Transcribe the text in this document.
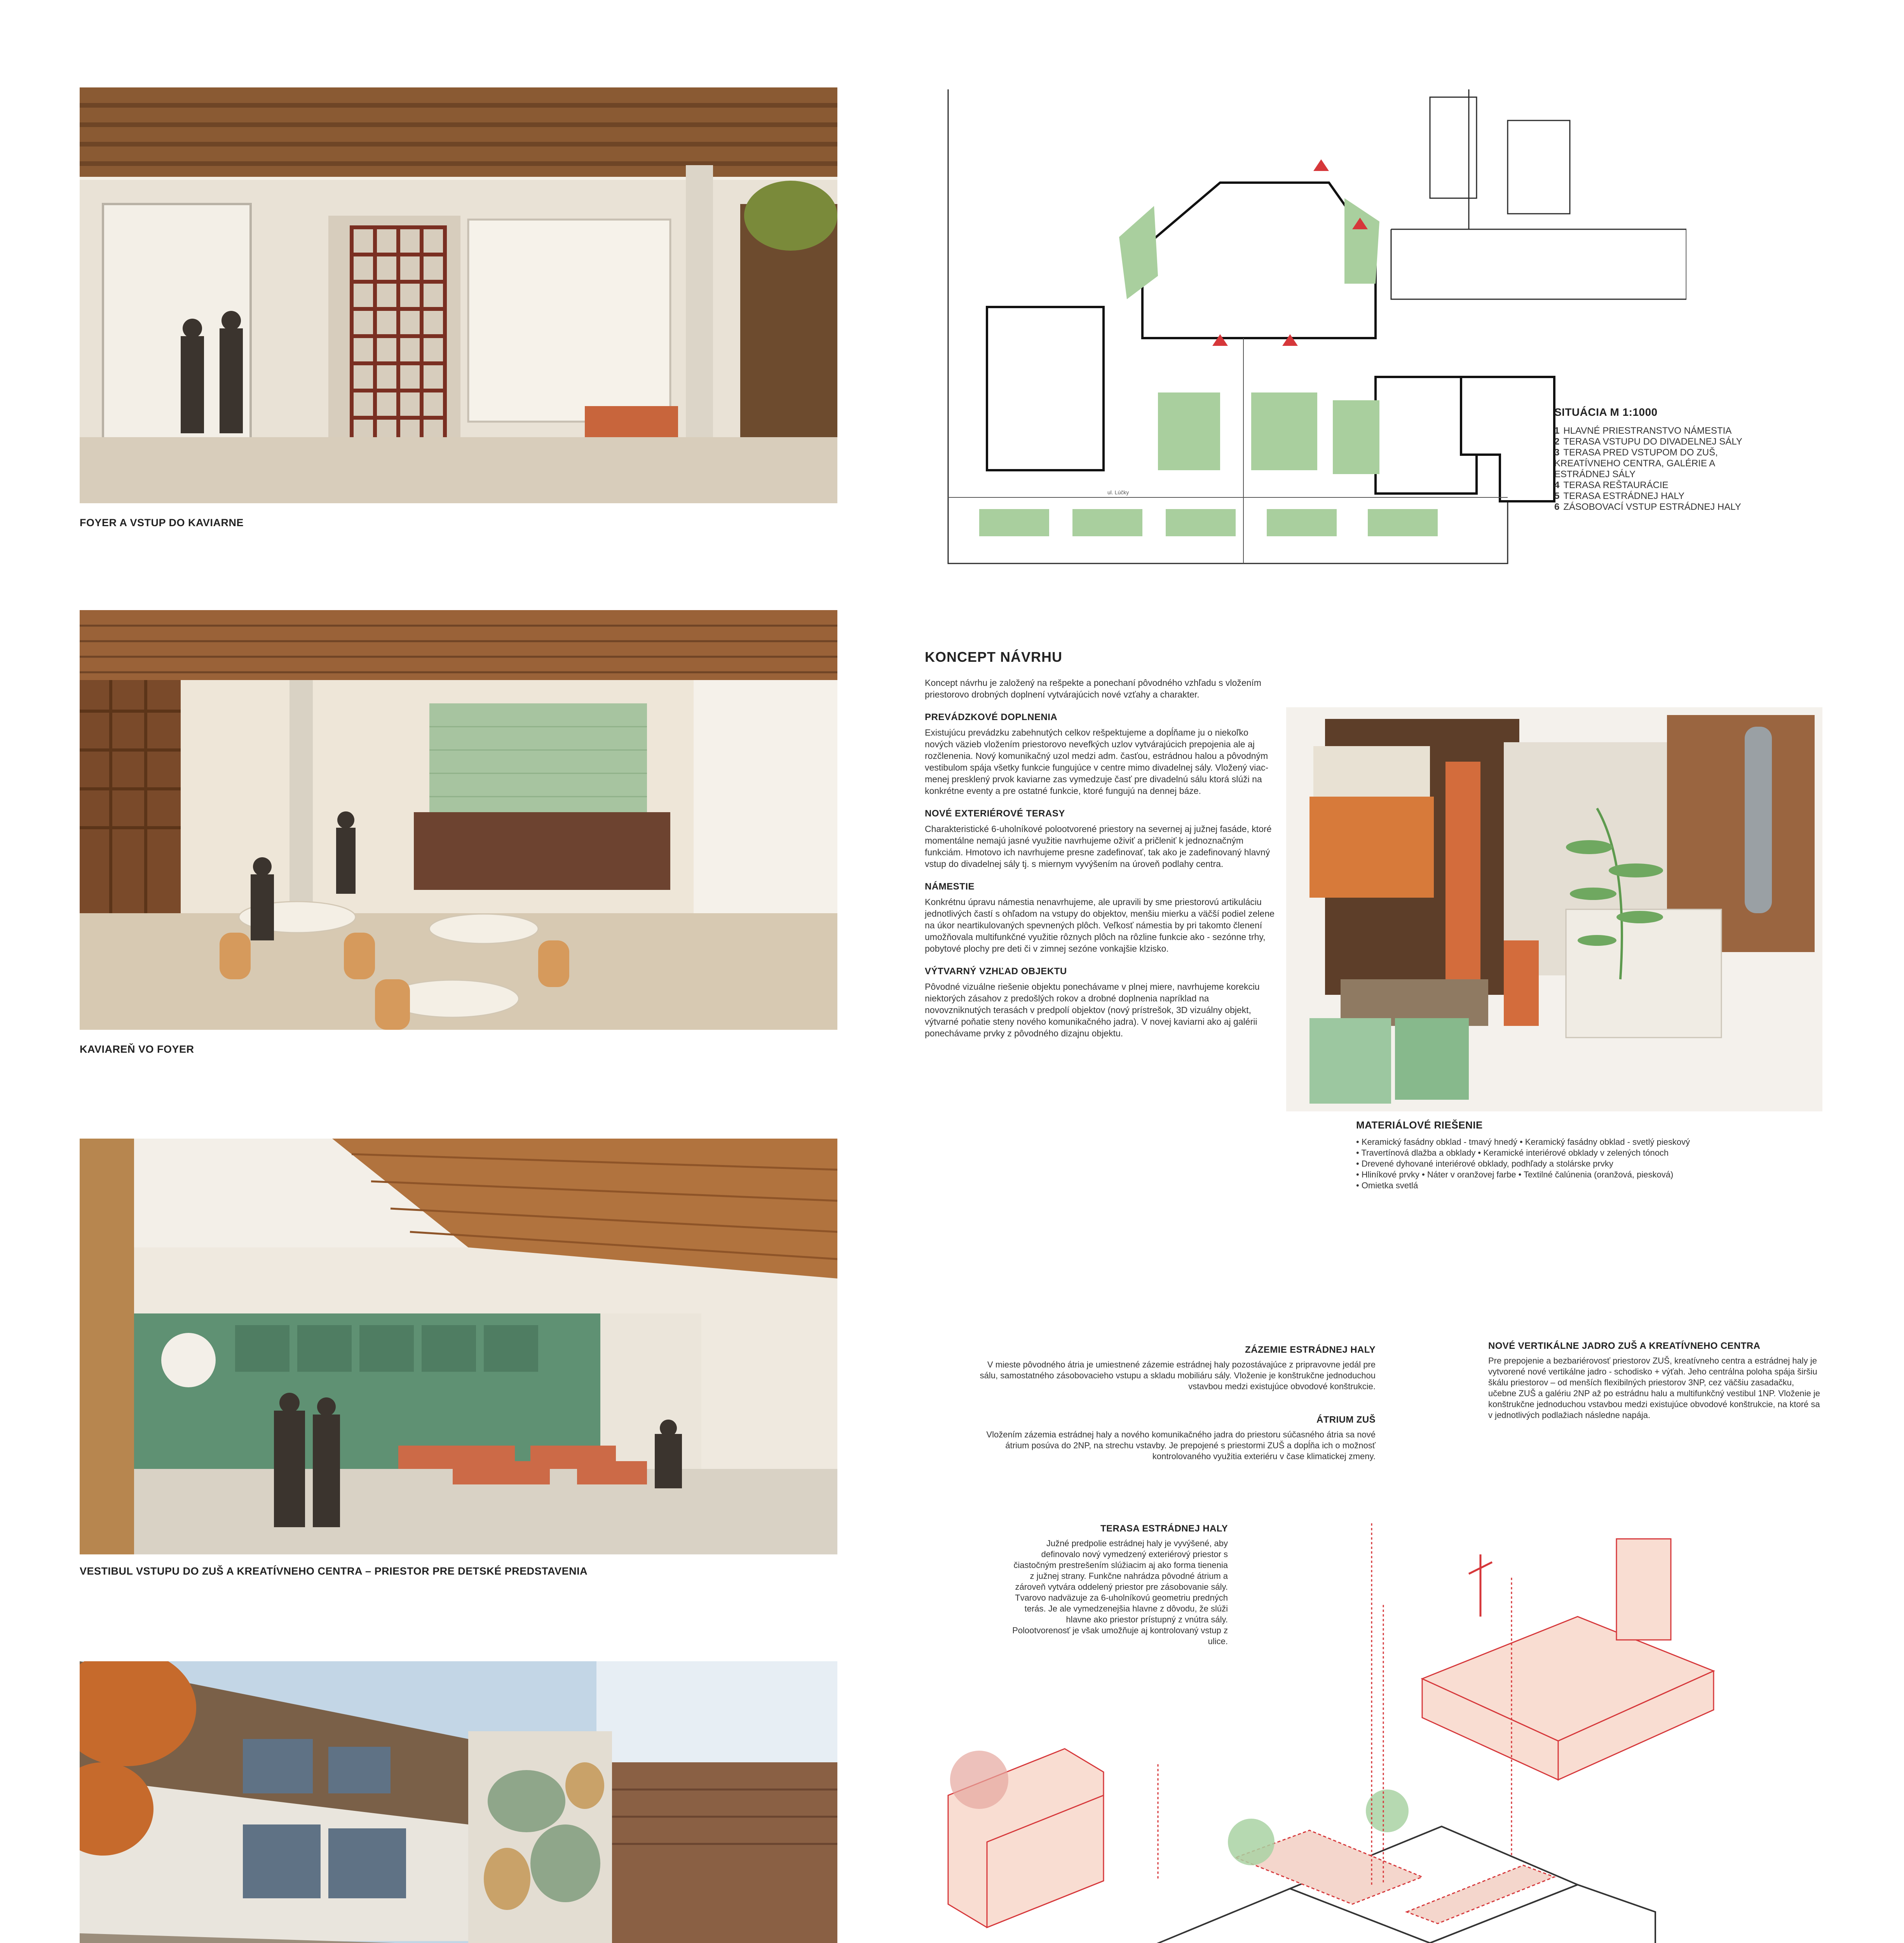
FOYER A VSTUP DO KAVIARNE
KAVIAREŇ VO FOYER
VESTIBUL VSTUPU DO ZUŠ A KREATÍVNEHO CENTRA – PRIESTOR PRE DETSKÉ PREDSTAVENIA
ul. Lúčky
SITUÁCIA M 1:1000
1 HLAVNÉ PRIESTRANSTVO NÁMESTIA
2 TERASA VSTUPU DO DIVADELNEJ SÁLY
3 TERASA PRED VSTUPOM DO ZUŠ, KREATÍVNEHO CENTRA, GALÉRIE A ESTRÁDNEJ SÁLY
4 TERASA REŠTAURÁCIE
5 TERASA ESTRÁDNEJ HALY
6 ZÁSOBOVACÍ VSTUP ESTRÁDNEJ HALY
KONCEPT NÁVRHU
Koncept návrhu je založený na rešpekte a ponechaní pôvodného vzhľadu s vložením priestorovo drobných doplnení vytvárajúcich nové vzťahy a charakter.
PREVÁDZKOVÉ DOPLNENIA
Existujúcu prevádzku zabehnutých celkov rešpektujeme a dopĺňame ju o niekoľko nových väzieb vložením priestorovo nevefkých uzlov vytvárajúcich prepojenia ale aj rozčlenenia. Nový komunikačný uzol medzi adm. časťou, estrádnou halou a pôvodným vestibulom spája všetky funkcie fungujúce v centre mimo divadelnej sály. Vložený viac-menej presklený prvok kaviarne zas vymedzuje časť pre divadelnú sálu ktorá slúži na konkrétne eventy a pre ostatné funkcie, ktoré fungujú na dennej báze.
NOVÉ EXTERIÉROVÉ TERASY
Charakteristické 6-uholníkové polootvorené priestory na severnej aj južnej fasáde, ktoré momentálne nemajú jasné využitie navrhujeme oživiť a pričleniť k jednoznačným funkciám. Hmotovo ich navrhujeme presne zadefinovať, tak ako je zadefinovaný hlavný vstup do divadelnej sály tj. s miernym vyvýšením na úroveň podlahy centra.
NÁMESTIE
Konkrétnu úpravu námestia nenavrhujeme, ale upravili by sme priestorovú artikuláciu jednotlivých častí s ohľadom na vstupy do objektov, menšiu mierku a väčší podiel zelene na úkor neartikulovaných spevnených plôch. Veľkosť námestia by pri takomto členení umožňovala multifunkčné využitie rôznych plôch na rôzline funkcie ako - sezónne trhy, pobytové plochy pre deti či v zimnej sezóne vonkajšie klzisko.
VÝTVARNÝ VZHĽAD OBJEKTU
Pôvodné vizuálne riešenie objektu ponechávame v plnej miere, navrhujeme korekciu niektorých zásahov z predošlých rokov a drobné doplnenia napríklad na novovzniknutých terasách v predpolí objektov (nový prístrešok, 3D vizuálny objekt, výtvarné poňatie steny nového komunikačného jadra). V novej kaviarni ako aj galérii ponechávame prvky z pôvodného dizajnu objektu.
MATERIÁLOVÉ RIEŠENIE
• Keramický fasádny obklad - tmavý hnedý • Keramický fasádny obklad - svetlý pieskový
• Travertínová dlažba a obklady • Keramické interiérové obklady v zelených tónoch
• Drevené dyhované interiérové obklady, podhľady a stolárske prvky
• Hliníkové prvky • Náter v oranžovej farbe • Textilné čalúnenia (oranžová, piesková)
• Omietka svetlá
ZÁZEMIE ESTRÁDNEJ HALY
V mieste pôvodného átria je umiestnené zázemie estrádnej haly pozostávajúce z pripravovne jedál pre sálu, samostatného zásobovacieho vstupu a skladu mobiliáru sály. Vloženie je konštrukčne jednoduchou vstavbou medzi existujúce obvodové konštrukcie.
ÁTRIUM ZUŠ
Vložením zázemia estrádnej haly a nového komunikačného jadra do priestoru súčasného átria sa nové átrium posúva do 2NP, na strechu vstavby. Je prepojené s priestormi ZUŠ a dopĺňa ich o možnosť kontrolovaného využitia exteriéru v čase klimatickej zmeny.
TERASA ESTRÁDNEJ HALY
Južné predpolie estrádnej haly je vyvýšené, aby definovalo nový vymedzený exteriérový priestor s čiastočným prestrešením slúžiacim aj ako forma tienenia z južnej strany. Funkčne nahrádza pôvodné átrium a zároveň vytvára oddelený priestor pre zásobovanie sály. Tvarovo nadväzuje za 6-uholníkovú geometriu predných terás. Je ale vymedzenejšia hlavne z dôvodu, že slúži hlavne ako priestor prístupný z vnútra sály. Polootvorenosť je však umožňuje aj kontrolovaný vstup z ulice.
NOVÉ VERTIKÁLNE JADRO ZUŠ A KREATÍVNEHO CENTRA
Pre prepojenie a bezbariérovosť priestorov ZUŠ, kreatívneho centra a estrádnej haly je vytvorené nové vertikálne jadro - schodisko + výťah. Jeho centrálna poloha spája širšiu škálu priestorov – od menších flexibilných priestorov 3NP, cez väčšiu zasadačku, učebne ZUŠ a galériu 2NP až po estrádnu halu a multifunkčný vestibul 1NP. Vloženie je konštrukčne jednoduchou vstavbou medzi existujúce obvodové konštrukcie, na ktoré sa v jednotlivých podlažiach následne napája.
